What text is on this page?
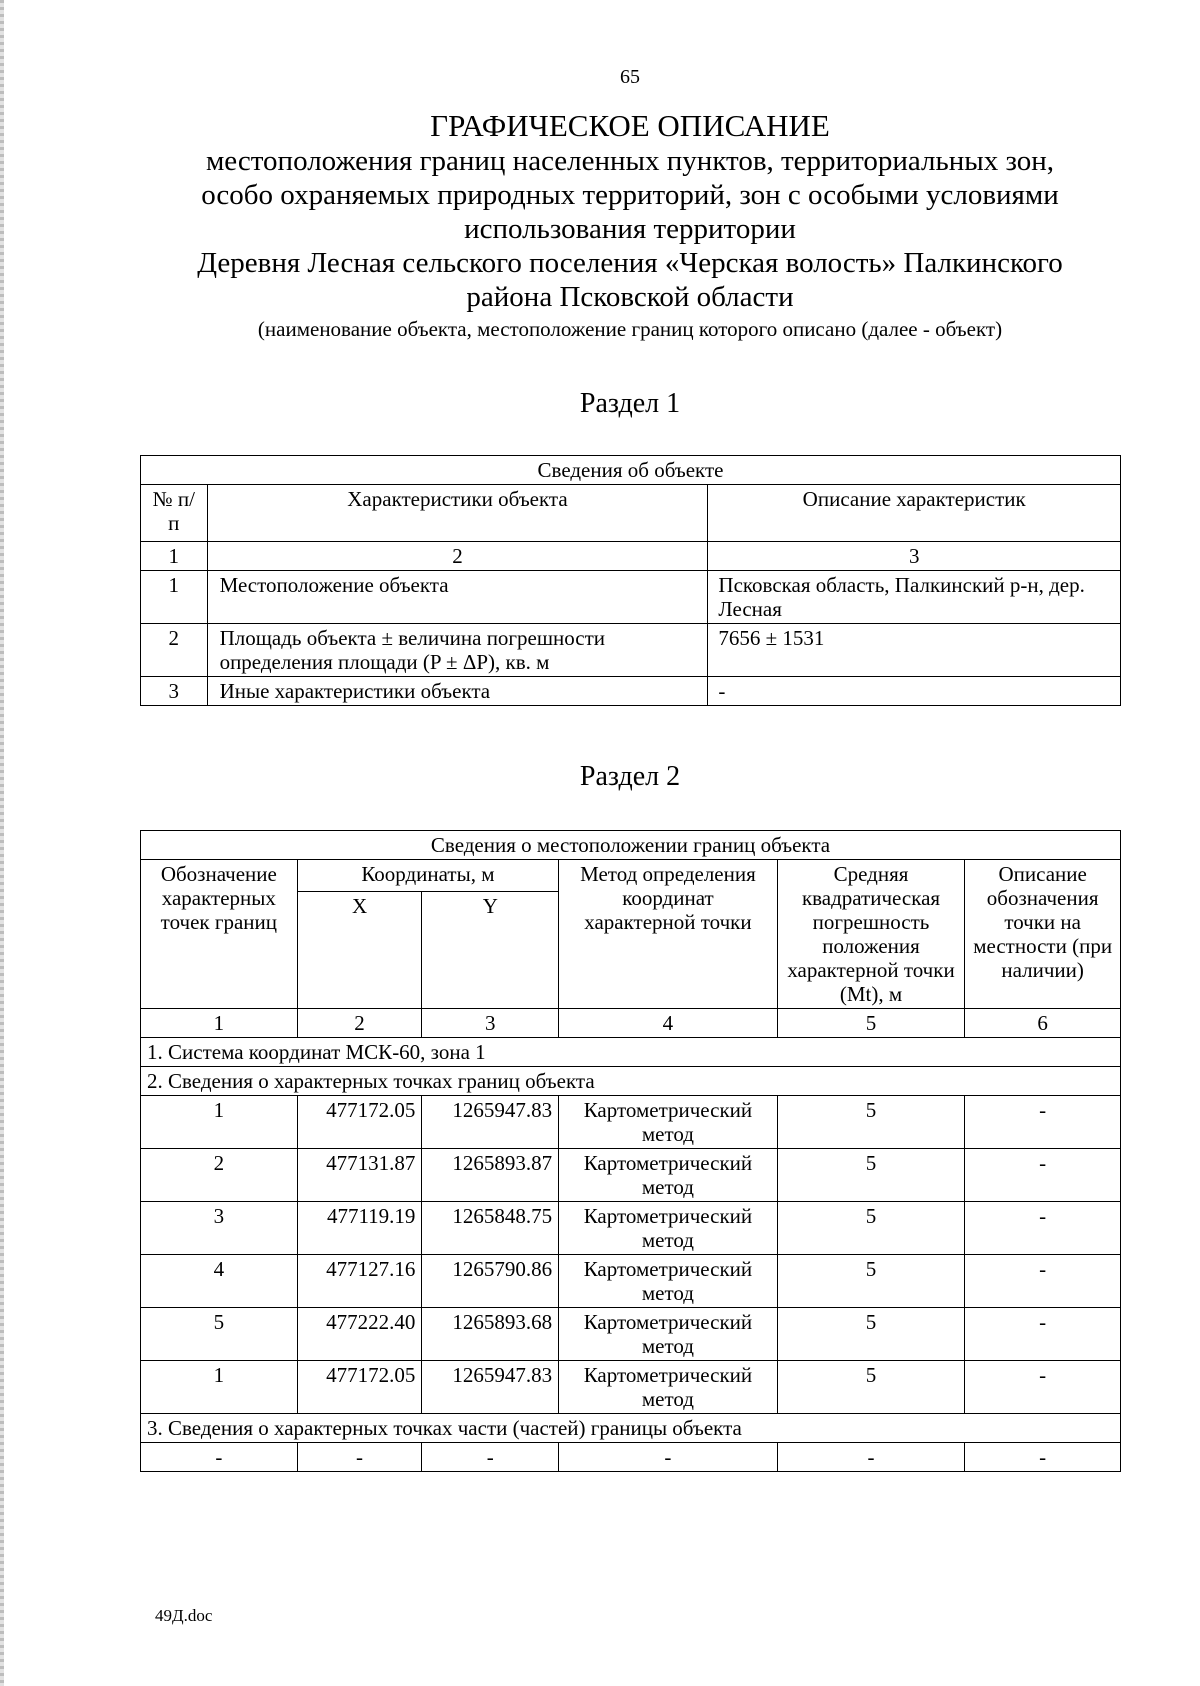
65
ГРАФИЧЕСКОЕ ОПИСАНИЕ
местоположения границ населенных пунктов, территориальных зон,
особо охраняемых природных территорий, зон с особыми условиями
использования территории
Деревня Лесная сельского поселения «Черская волость» Палкинского
района Псковской области
(наименование объекта, местоположение границ которого описано (далее - объект)
Раздел 1
Сведения об объекте		
№ п/п	Характеристики объекта	Описание характеристик
1	2	3
1	Местоположение объекта	Псковская область, Палкинский р-н, дер. Лесная
2	Площадь объекта ± величина погрешности определения площади (P ± ΔP), кв. м	7656 ± 1531
3	Иные характеристики объекта	-
Раздел 2
Сведения о местоположении границ объекта					
Обозначение характерных точек границ	Координаты, м		Метод определения координат характерной точки	Средняя квадратическая погрешность положения характерной точки (Mt), м	Описание обозначения точки на местности (при наличии)
	X	Y			
1	2	3	4	5	6
1. Система координат МСК-60, зона 1					
2. Сведения о характерных точках границ объекта					
1	477172.05	1265947.83	Картометрический метод	5	-
2	477131.87	1265893.87	Картометрический метод	5	-
3	477119.19	1265848.75	Картометрический метод	5	-
4	477127.16	1265790.86	Картометрический метод	5	-
5	477222.40	1265893.68	Картометрический метод	5	-
1	477172.05	1265947.83	Картометрический метод	5	-
3. Сведения о характерных точках части (частей) границы объекта					
-	-	-	-	-	-
49Д.doc
